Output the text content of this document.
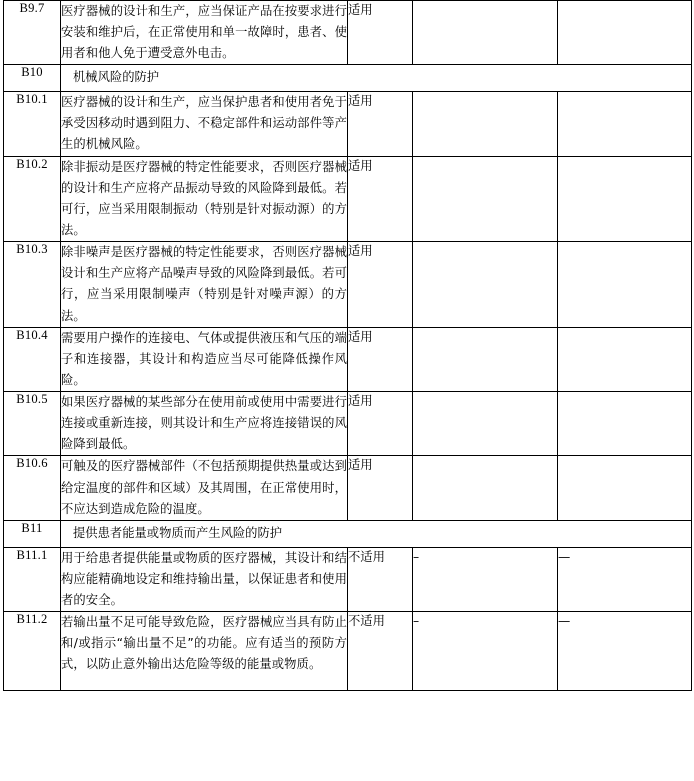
B9.7	医疗器械的设计和生产，应当保证产品在按要求进行安装和维护后，在正常使用和单一故障时，患者、使用者和他人免于遭受意外电击。	适用		
B10	机械风险的防护			
B10.1	医疗器械的设计和生产，应当保护患者和使用者免于承受因移动时遇到阻力、不稳定部件和运动部件等产生的机械风险。	适用		
B10.2	除非振动是医疗器械的特定性能要求，否则医疗器械的设计和生产应将产品振动导致的风险降到最低。若可行，应当采用限制振动（特别是针对振动源）的方法。	适用		
B10.3	除非噪声是医疗器械的特定性能要求，否则医疗器械设计和生产应将产品噪声导致的风险降到最低。若可行，应当采用限制噪声（特别是针对噪声源）的方法。	适用		
B10.4	需要用户操作的连接电、气体或提供液压和气压的端子和连接器，其设计和构造应当尽可能降低操作风险。	适用		
B10.5	如果医疗器械的某些部分在使用前或使用中需要进行连接或重新连接，则其设计和生产应将连接错误的风险降到最低。	适用		
B10.6	可触及的医疗器械部件（不包括预期提供热量或达到给定温度的部件和区域）及其周围，在正常使用时，不应达到造成危险的温度。	适用		
B11	提供患者能量或物质而产生风险的防护			
B11.1	用于给患者提供能量或物质的医疗器械，其设计和结构应能精确地设定和维持输出量，以保证患者和使用者的安全。	不适用	–	—
B11.2	若输出量不足可能导致危险，医疗器械应当具有防止和/或指示“输出量不足”的功能。应有适当的预防方式，以防止意外输出达危险等级的能量或物质。	不适用	–	—
